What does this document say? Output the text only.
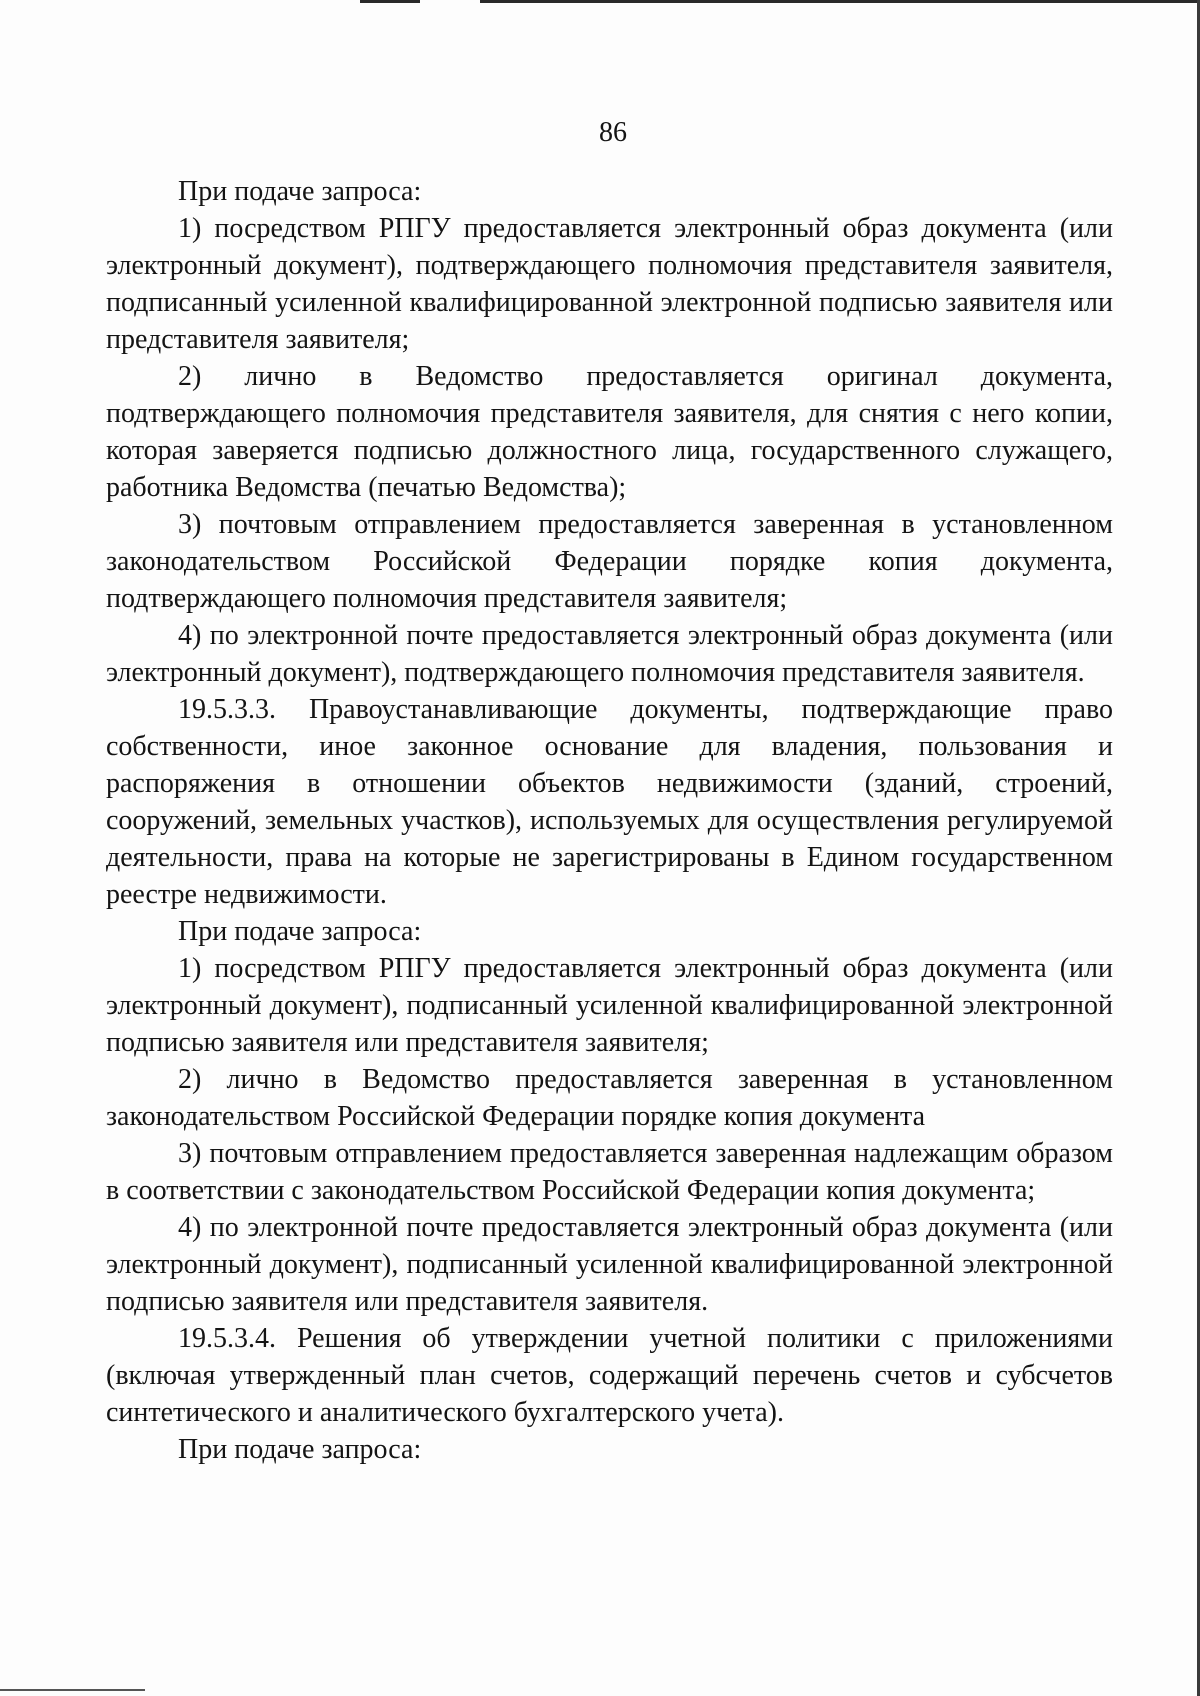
86

При подаче запроса:

1) посредством РПГУ предоставляется электронный образ документа (или электронный документ), подтверждающего полномочия представителя заявителя, подписанный усиленной квалифицированной электронной подписью заявителя или представителя заявителя;

2) лично в Ведомство предоставляется оригинал документа, подтверждающего полномочия представителя заявителя, для снятия с него копии, которая заверяется подписью должностного лица, государственного служащего, работника Ведомства (печатью Ведомства);

3) почтовым отправлением предоставляется заверенная в установленном законодательством Российской Федерации порядке копия документа, подтверждающего полномочия представителя заявителя;

4) по электронной почте предоставляется электронный образ документа (или электронный документ), подтверждающего полномочия представителя заявителя.

19.5.3.3. Правоустанавливающие документы, подтверждающие право собственности, иное законное основание для владения, пользования и распоряжения в отношении объектов недвижимости (зданий, строений, сооружений, земельных участков), используемых для осуществления регулируемой деятельности, права на которые не зарегистрированы в Едином государственном реестре недвижимости.

При подаче запроса:

1) посредством РПГУ предоставляется электронный образ документа (или электронный документ), подписанный усиленной квалифицированной электронной подписью заявителя или представителя заявителя;

2) лично в Ведомство предоставляется заверенная в установленном законодательством Российской Федерации порядке копия документа

3) почтовым отправлением предоставляется заверенная надлежащим образом в соответствии с законодательством Российской Федерации копия документа;

4) по электронной почте предоставляется электронный образ документа (или электронный документ), подписанный усиленной квалифицированной электронной подписью заявителя или представителя заявителя.

19.5.3.4. Решения об утверждении учетной политики с приложениями (включая утвержденный план счетов, содержащий перечень счетов и субсчетов синтетического и аналитического бухгалтерского учета).

При подаче запроса:
